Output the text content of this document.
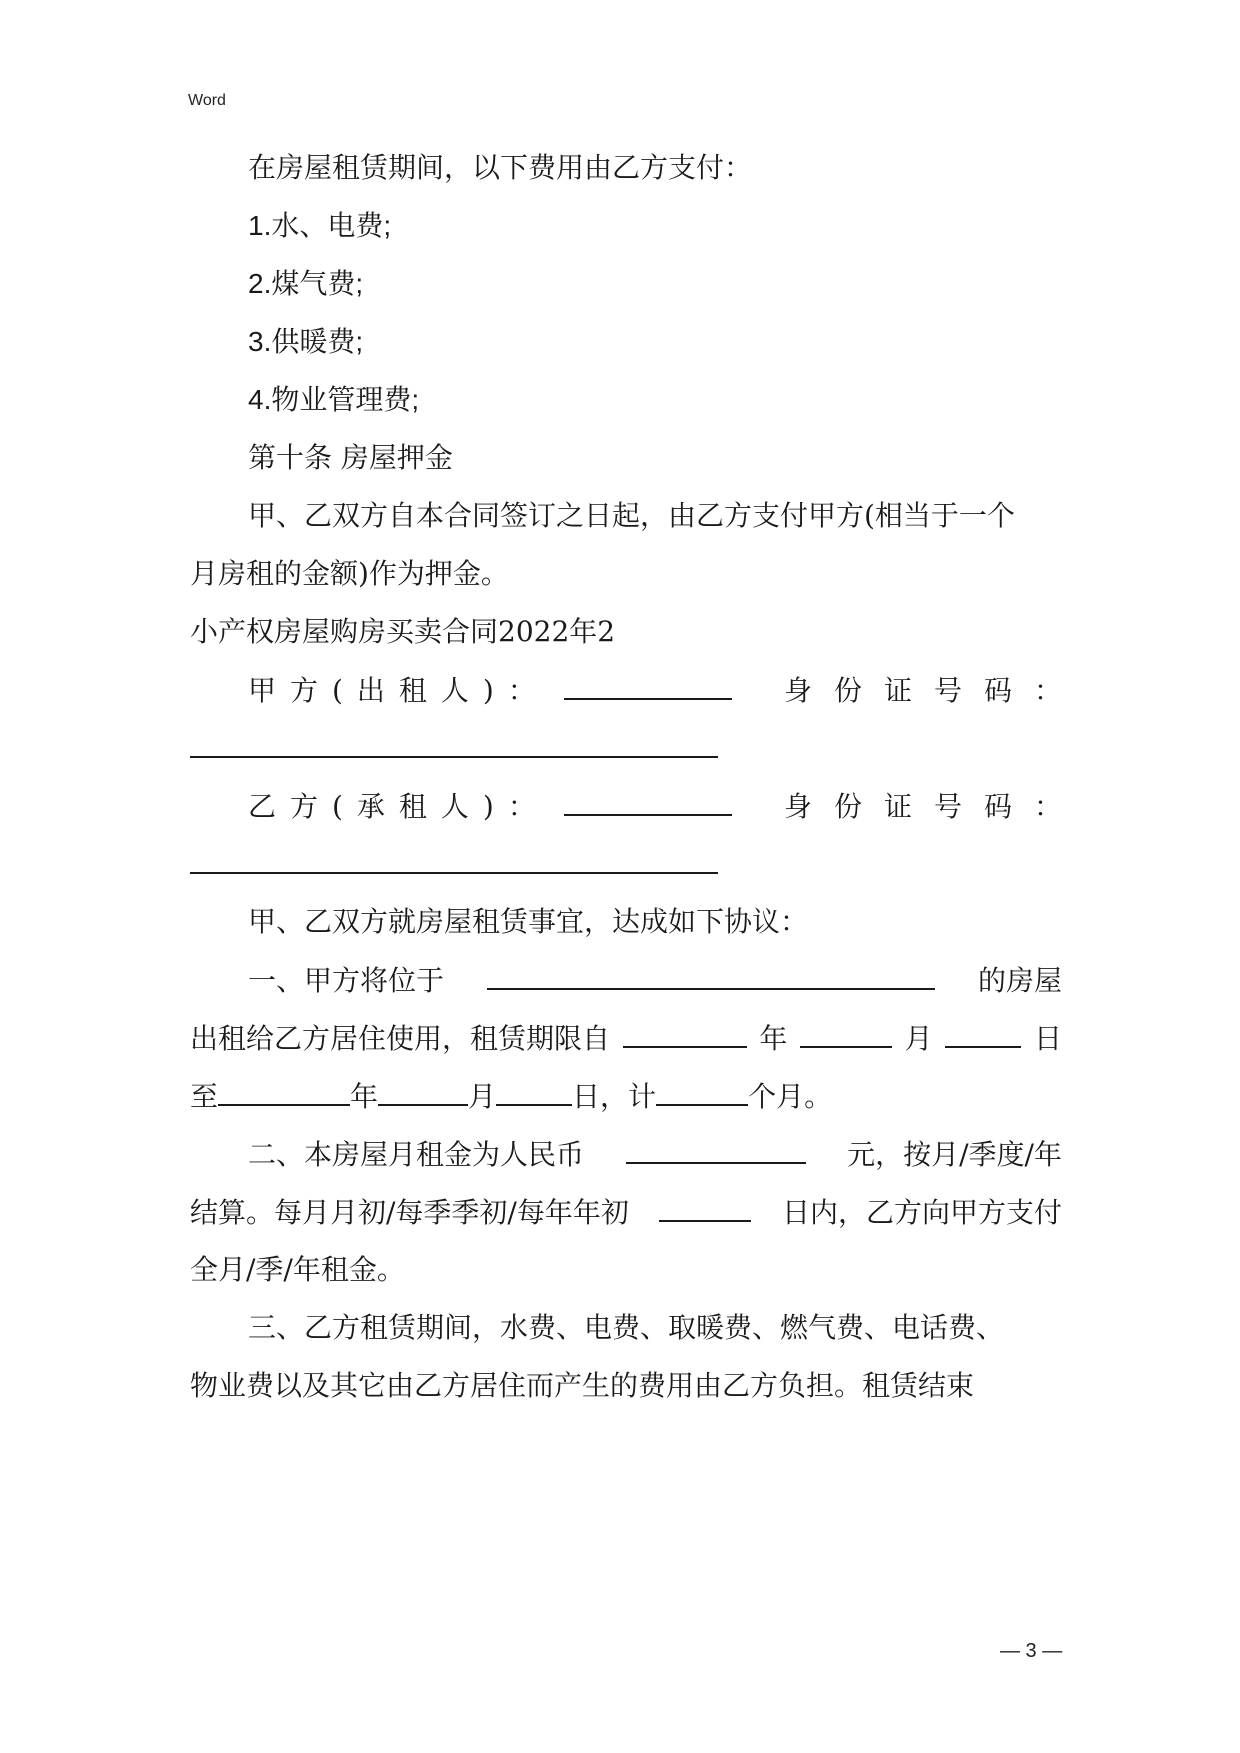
Word
在房屋租赁期间，以下费用由乙方支付：
1.水、电费;
2.煤气费;
3.供暖费;
4.物业管理费;
第十条 房屋押金
甲、乙双方自本合同签订之日起，由乙方支付甲方(相当于一个
月房租的金额)作为押金。
小产权房屋购房买卖合同2022年2
甲方(出租人)：	身份证号码：
乙方(承租人)：	身份证号码：
甲、乙双方就房屋租赁事宜，达成如下协议：
一、甲方将位于	的房屋
出租给乙方居住使用，租赁期限自	年	月	日
至	年	月	日，计	个月。
二、本房屋月租金为人民币	元，按月/季度/年
结算。每月月初/每季季初/每年年初	日内，乙方向甲方支付
全月/季/年租金。
三、乙方租赁期间，水费、电费、取暖费、燃气费、电话费、
物业费以及其它由乙方居住而产生的费用由乙方负担。租赁结束
— 3 —
